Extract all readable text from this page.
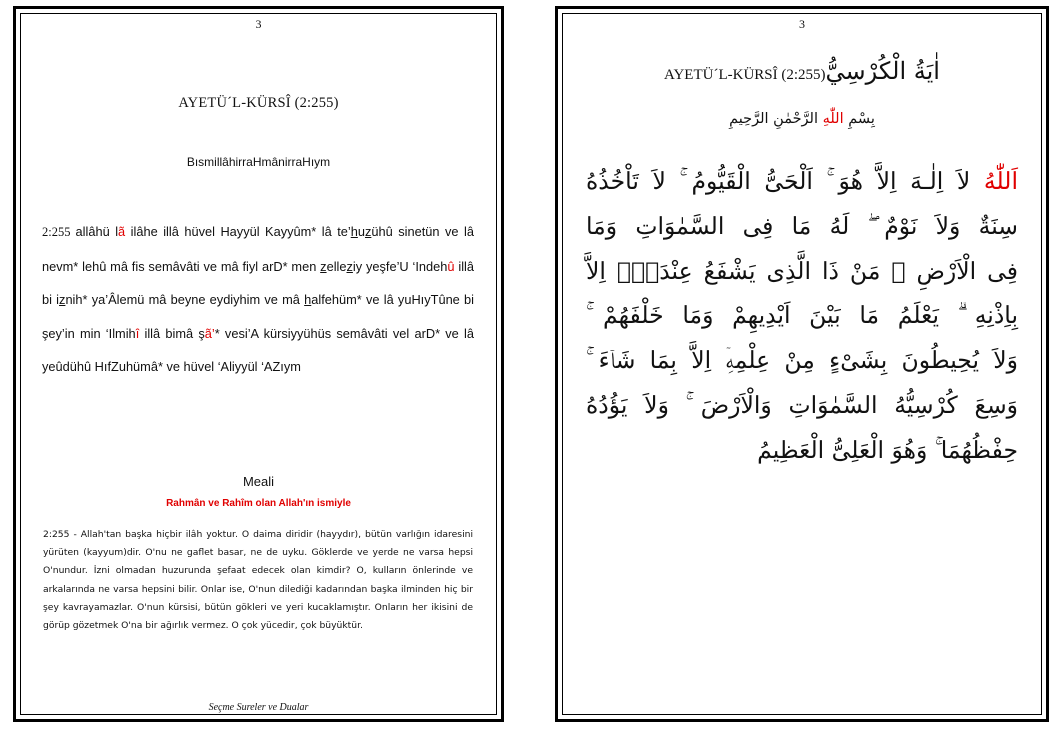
3
AYETÜ´L-KÜRSÎ (2:255)
BısmillâhirraHmânirraHıym
2:255 allâhü lã ilâhe illâ hüvel Hayyül Kayyûm* lâ te’huzühû sinetün ve lâ nevm* lehû mâ fis semâvâti ve mâ fiyl arD* men zelleziy yeşfe’U ‘Indehû illâ bi iznih* ya’Âlemü mâ beyne eydiyhim ve mâ halfehüm* ve lâ yuHıyTûne bi şey’in min ‘Ilmihî illâ bimâ şã’* vesi’A kürsiyyühüs semâvâti vel arD* ve lâ yeûdühû HıfZuhümâ* ve hüvel ‘Aliyyül ‘AZıym
Meali
Rahmân ve Rahîm olan Allah'ın ismiyle
2:255 - Allah'tan başka hiçbir ilâh yoktur. O daima diridir (hayydır), bütün varlığın idaresini yürüten (kayyum)dir. O'nu ne gaflet basar, ne de uyku. Göklerde ve yerde ne varsa hepsi O'nundur. İzni olmadan huzurunda şefaat edecek olan kimdir? O, kulların önlerinde ve arkalarında ne varsa hepsini bilir. Onlar ise, O'nun dilediği kadarından başka ilminden hiç bir şey kavrayamazlar. O'nun kürsisi, bütün gökleri ve yeri kucaklamıştır. Onların her ikisini de görüp gözetmek O'na bir ağırlık vermez. O çok yücedir, çok büyüktür.
Seçme Sureler ve Dualar
3
AYETÜ´L-KÜRSÎ (2:255)اٰيَةُ الْكُرْسِيُّ
بِسْمِ اللّٰهِ الرَّحْمٰنِ الرَّحِيمِ
اَللّٰهُ لاَ اِلٰـهَ اِلاَّ هُوَ ۚ اَلْحَىُّ الْقَيُّومُ ۚ لاَ تَاْخُذُهُ
سِنَةٌ وَلاَ نَوْمٌ ۖ لَهُ مَا فِى السَّمٰوَاتِ وَمَا
فِى الْاَرْضِ ۗ مَنْ ذَا الَّذِى يَشْفَعُ عِنْدَهُۤ اِلاَّ
بِاِذْنِهِ ۗ يَعْلَمُ مَا بَيْنَ اَيْدِيهِمْ وَمَا خَلْفَهُمْ ۚ
وَلاَ يُحِيطُونَ بِشَىْءٍ مِنْ عِلْمِهِۤ اِلاَّ بِمَا شَاۤءَ ۚ
وَسِعَ كُرْسِيُّهُ السَّمٰوَاتِ وَالْاَرْضَ ۚ وَلاَ يَؤُدُهُ
حِفْظُهُمَا ۚ وَهُوَ الْعَلِىُّ الْعَظِيمُ
